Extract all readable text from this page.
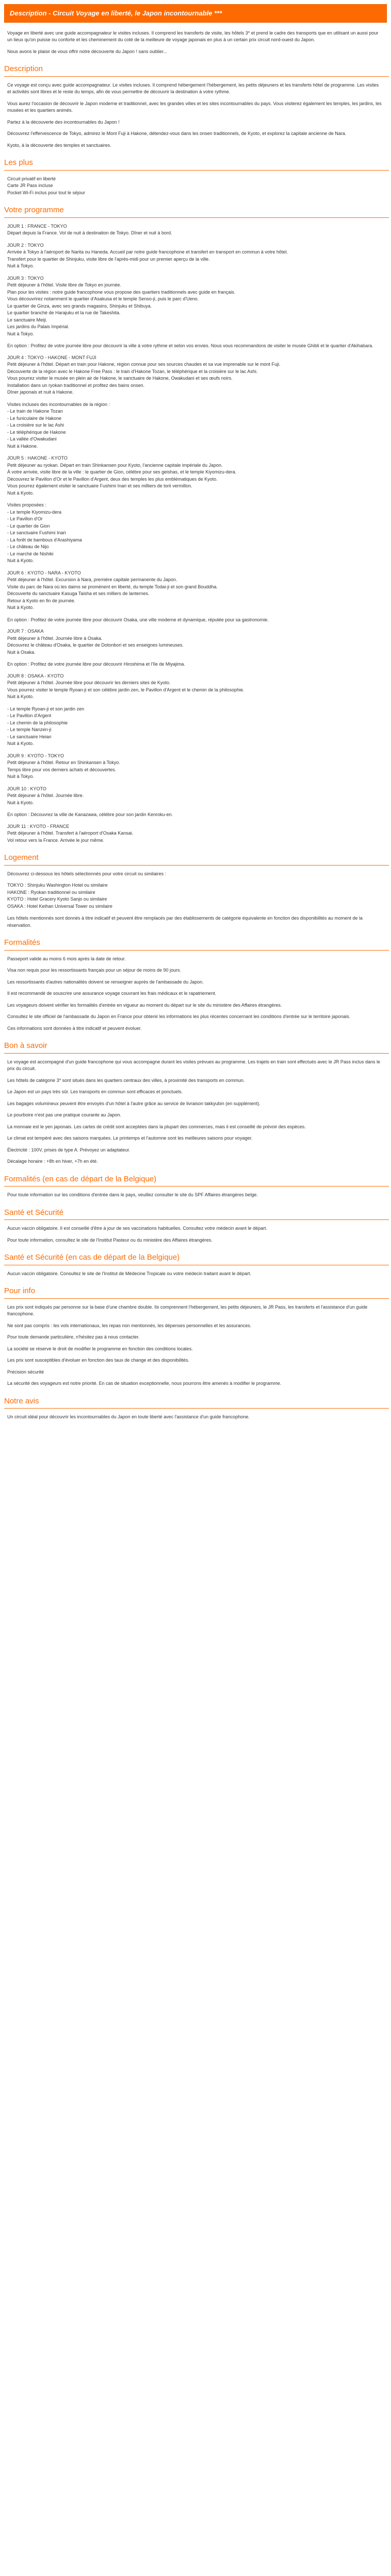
Description - Circuit Voyage en liberté, le Japon incontournable ***

Voyage en liberté avec une guide accompagnateur le visites incluses. Il comprend les transferts de visite, les hôtels 3* et prend le cadre des transports que en utilisant un aussi pour un lieux qu'on puisse ou conforte et les cheminement du coté de la meilleure de voyage japonais en plus à un certain prix circuit nord-ouest du Japon.

Nous avons le plaisir de vous offrir notre découverte du Japon ! sans oublier...

Description

Ce voyage est conçu avec guide accompagnateur. Le visites incluses. Il comprend hébergement l'hébergement, les petits déjeuners et les transferts hôtel de programme. Les visites et activités sont libres et le reste du temps, afin de vous permettre de découvrir la destination à votre rythme.

Vous aurez l'occasion de découvrir le Japon moderne et traditionnel, avec les grandes villes et les sites incontournables du pays. Vous visiterez également les temples, les jardins, les musées et les quartiers animés.

Partez à la découverte des incontournables du Japon !

Découvrez l'effervescence de Tokyo, admirez le Mont Fuji à Hakone, détendez-vous dans les onsen traditionnels, de Kyoto, et explorez la capitale ancienne de Nara.

Kyoto, à la découverte des temples et sanctuaires.

Les plus

Circuit privatif en liberté

Carte JR Pass incluse

Pocket Wi-Fi inclus pour tout le séjour

Votre programme

JOUR 1 : FRANCE - TOKYO

Départ depuis la France. Vol de nuit à destination de Tokyo. Dîner et nuit à bord.

JOUR 2 : TOKYO

Arrivée à Tokyo à l'aéroport de Narita ou Haneda. Accueil par notre guide francophone et transfert en transport en commun à votre hôtel.

Transfert pour le quartier de Shinjuku, visite libre de l'après-midi pour un premier aperçu de la ville.

Nuit à Tokyo.

JOUR 3 : TOKYO

Petit déjeuner à l'hôtel. Visite libre de Tokyo en journée.

Plan pour les visites : notre guide francophone vous propose des quartiers traditionnels avec guide en français.

Vous découvrirez notamment le quartier d'Asakusa et le temple Senso-ji, puis le parc d'Ueno.

Le quartier de Ginza, avec ses grands magasins, Shinjuku et Shibuya.

Le quartier branché de Harajuku et la rue de Takeshita.

Le sanctuaire Meiji.

Les jardins du Palais Impérial.

Nuit à Tokyo.

En option : Profitez de votre journée libre pour découvrir la ville à votre rythme et selon vos envies. Nous vous recommandons de visiter le musée Ghibli et le quartier d'Akihabara.

JOUR 4 : TOKYO - HAKONE - MONT FUJI

Petit déjeuner à l'hôtel. Départ en train pour Hakone, région connue pour ses sources chaudes et sa vue imprenable sur le mont Fuji.

Découverte de la région avec le Hakone Free Pass : le train d'Hakone Tozan, le téléphérique et la croisière sur le lac Ashi.

Vous pourrez visiter le musée en plein air de Hakone, le sanctuaire de Hakone, Owakudani et ses œufs noirs.

Installation dans un ryokan traditionnel et profitez des bains onsen.

Dîner japonais et nuit à Hakone.

Visites incluses des incontournables de la région :

- Le train de Hakone Tozan

- Le funiculaire de Hakone

- La croisière sur le lac Ashi

- Le téléphérique de Hakone

- La vallée d'Owakudani

Nuit à Hakone.

JOUR 5 : HAKONE - KYOTO

Petit déjeuner au ryokan. Départ en train Shinkansen pour Kyoto, l'ancienne capitale impériale du Japon.

À votre arrivée, visite libre de la ville : le quartier de Gion, célèbre pour ses geishas, et le temple Kiyomizu-dera.

Découvrez le Pavillon d'Or et le Pavillon d'Argent, deux des temples les plus emblématiques de Kyoto.

Vous pourrez également visiter le sanctuaire Fushimi Inari et ses milliers de torii vermillon.

Nuit à Kyoto.

Visites proposées :

- Le temple Kiyomizu-dera

- Le Pavillon d'Or

- Le quartier de Gion

- Le sanctuaire Fushimi Inari

- La forêt de bambous d'Arashiyama

- Le château de Nijo

- Le marché de Nishiki

Nuit à Kyoto.

JOUR 6 : KYOTO - NARA - KYOTO

Petit déjeuner à l'hôtel. Excursion à Nara, première capitale permanente du Japon.

Visite du parc de Nara où les daims se promènent en liberté, du temple Todai-ji et son grand Bouddha.

Découverte du sanctuaire Kasuga Taisha et ses milliers de lanternes.

Retour à Kyoto en fin de journée.

Nuit à Kyoto.

En option : Profitez de votre journée libre pour découvrir Osaka, une ville moderne et dynamique, réputée pour sa gastronomie.

JOUR 7 : OSAKA

Petit déjeuner à l'hôtel. Journée libre à Osaka.

Découvrez le château d'Osaka, le quartier de Dotonbori et ses enseignes lumineuses.

Nuit à Osaka.

En option : Profitez de votre journée libre pour découvrir Hiroshima et l'île de Miyajima.

JOUR 8 : OSAKA - KYOTO

Petit déjeuner à l'hôtel. Journée libre pour découvrir les derniers sites de Kyoto.

Vous pourrez visiter le temple Ryoan-ji et son célèbre jardin zen, le Pavillon d'Argent et le chemin de la philosophie.

Nuit à Kyoto.

- Le temple Ryoan-ji et son jardin zen

- Le Pavillon d'Argent

- Le chemin de la philosophie

- Le temple Nanzen-ji

- Le sanctuaire Heian

Nuit à Kyoto.

JOUR 9 : KYOTO - TOKYO

Petit déjeuner à l'hôtel. Retour en Shinkansen à Tokyo.

Temps libre pour vos derniers achats et découvertes.

Nuit à Tokyo.

JOUR 10 : KYOTO

Petit déjeuner à l'hôtel. Journée libre.

Nuit à Kyoto.

En option : Découvrez la ville de Kanazawa, célèbre pour son jardin Kenroku-en.

JOUR 11 : KYOTO - FRANCE

Petit déjeuner à l'hôtel. Transfert à l'aéroport d'Osaka Kansai.

Vol retour vers la France. Arrivée le jour même.

Logement

Découvrez ci-dessous les hôtels sélectionnés pour votre circuit ou similaires :

TOKYO : Shinjuku Washington Hotel ou similaire

HAKONE : Ryokan traditionnel ou similaire

KYOTO : Hotel Gracery Kyoto Sanjo ou similaire

OSAKA : Hotel Keihan Universal Tower ou similaire

Les hôtels mentionnés sont donnés à titre indicatif et peuvent être remplacés par des établissements de catégorie équivalente en fonction des disponibilités au moment de la réservation.

Formalités

Passeport valide au moins 6 mois après la date de retour.

Visa non requis pour les ressortissants français pour un séjour de moins de 90 jours.

Les ressortissants d'autres nationalités doivent se renseigner auprès de l'ambassade du Japon.

Il est recommandé de souscrire une assurance voyage couvrant les frais médicaux et le rapatriement.

Les voyageurs doivent vérifier les formalités d'entrée en vigueur au moment du départ sur le site du ministère des Affaires étrangères.

Consultez le site officiel de l'ambassade du Japon en France pour obtenir les informations les plus récentes concernant les conditions d'entrée sur le territoire japonais.

Ces informations sont données à titre indicatif et peuvent évoluer.

Bon à savoir

Le voyage est accompagné d'un guide francophone qui vous accompagne durant les visites prévues au programme. Les trajets en train sont effectués avec le JR Pass inclus dans le prix du circuit.

Les hôtels de catégorie 3* sont situés dans les quartiers centraux des villes, à proximité des transports en commun.

Le Japon est un pays très sûr. Les transports en commun sont efficaces et ponctuels.

Les bagages volumineux peuvent être envoyés d'un hôtel à l'autre grâce au service de livraison takkyubin (en supplément).

Le pourboire n'est pas une pratique courante au Japon.

La monnaie est le yen japonais. Les cartes de crédit sont acceptées dans la plupart des commerces, mais il est conseillé de prévoir des espèces.

Le climat est tempéré avec des saisons marquées. Le printemps et l'automne sont les meilleures saisons pour voyager.

Électricité : 100V, prises de type A. Prévoyez un adaptateur.

Décalage horaire : +8h en hiver, +7h en été.

Formalités (en cas de départ de la Belgique)

Pour toute information sur les conditions d'entrée dans le pays, veuillez consulter le site du SPF Affaires étrangères belge.

Santé et Sécurité

Aucun vaccin obligatoire. Il est conseillé d'être à jour de ses vaccinations habituelles. Consultez votre médecin avant le départ.

Pour toute information, consultez le site de l'Institut Pasteur ou du ministère des Affaires étrangères.

Santé et Sécurité (en cas de départ de la Belgique)

Aucun vaccin obligatoire. Consultez le site de l'Institut de Médecine Tropicale ou votre médecin traitant avant le départ.

Pour info

Les prix sont indiqués par personne sur la base d'une chambre double. Ils comprennent l'hébergement, les petits déjeuners, le JR Pass, les transferts et l'assistance d'un guide francophone.

Ne sont pas compris : les vols internationaux, les repas non mentionnés, les dépenses personnelles et les assurances.

Pour toute demande particulière, n'hésitez pas à nous contacter.

La société se réserve le droit de modifier le programme en fonction des conditions locales.

Les prix sont susceptibles d'évoluer en fonction des taux de change et des disponibilités.

Précision sécurité

La sécurité des voyageurs est notre priorité. En cas de situation exceptionnelle, nous pourrons être amenés à modifier le programme.

Notre avis

Un circuit idéal pour découvrir les incontournables du Japon en toute liberté avec l'assistance d'un guide francophone.
